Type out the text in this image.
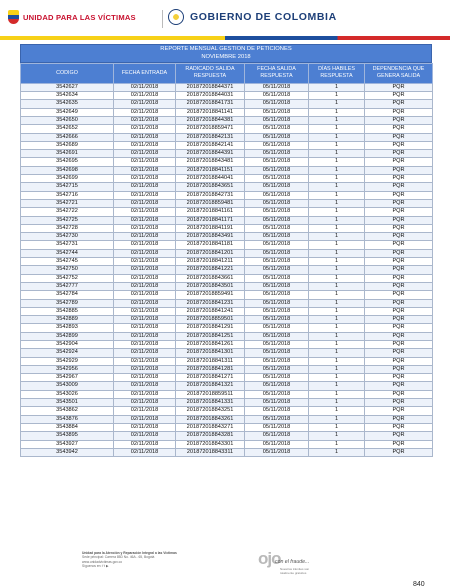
UNIDAD PARA LAS VÍCTIMAS	GOBIERNO DE COLOMBIA
REPORTE MENSUAL GESTION DE PETICIONES
NOVIEMBRE 2018
CODIGO	FECHA ENTRADA	RADICADO SALIDA RESPUESTA	FECHA SALIDA RESPUESTA	DÍAS HABILES RESPUESTA	DEPENDENCIA QUE GENERA SALIDA
3542627	02/11/2018	201872018844371	05/11/2018	1	PQR
3542634	02/11/2018	201872018844031	05/11/2018	1	PQR
3542635	02/11/2018	201872018841731	05/11/2018	1	PQR
3542649	02/11/2018	201872018841141	05/11/2018	1	PQR
3542650	02/11/2018	201872018844381	05/11/2018	1	PQR
3542652	02/11/2018	201872018859471	05/11/2018	1	PQR
3542666	02/11/2018	201872018842131	05/11/2018	1	PQR
3542689	02/11/2018	201872018842141	05/11/2018	1	PQR
3542691	02/11/2018	201872018844391	05/11/2018	1	PQR
3542695	02/11/2018	201872018843481	05/11/2018	1	PQR
3542698	02/11/2018	201872018841151	05/11/2018	1	PQR
3542699	02/11/2018	201872018844041	05/11/2018	1	PQR
3542715	02/11/2018	201872018843651	05/11/2018	1	PQR
3542716	02/11/2018	201872018842731	05/11/2018	1	PQR
3542721	02/11/2018	201872018859481	05/11/2018	1	PQR
3542722	02/11/2018	201872018841161	05/11/2018	1	PQR
3542725	02/11/2018	201872018841171	05/11/2018	1	PQR
3542728	02/11/2018	201872018841191	05/11/2018	1	PQR
3542730	02/11/2018	201872018843491	05/11/2018	1	PQR
3542731	02/11/2018	201872018841181	05/11/2018	1	PQR
3542744	02/11/2018	201872018841201	05/11/2018	1	PQR
3542745	02/11/2018	201872018841211	05/11/2018	1	PQR
3542750	02/11/2018	201872018841221	05/11/2018	1	PQR
3542752	02/11/2018	201872018843661	05/11/2018	1	PQR
3542777	02/11/2018	201872018843501	05/11/2018	1	PQR
3542784	02/11/2018	201872018859491	05/11/2018	1	PQR
3542789	02/11/2018	201872018841231	05/11/2018	1	PQR
3542885	02/11/2018	201872018841241	05/11/2018	1	PQR
3542889	02/11/2018	201872018859501	05/11/2018	1	PQR
3542893	02/11/2018	201872018841291	05/11/2018	1	PQR
3542899	02/11/2018	201872018841251	05/11/2018	1	PQR
3542904	02/11/2018	201872018841261	05/11/2018	1	PQR
3542924	02/11/2018	201872018841301	05/11/2018	1	PQR
3542929	02/11/2018	201872018841311	05/11/2018	1	PQR
3542956	02/11/2018	201872018841281	05/11/2018	1	PQR
3542967	02/11/2018	201872018841271	05/11/2018	1	PQR
3543009	02/11/2018	201872018841321	05/11/2018	1	PQR
3543026	02/11/2018	201872018859511	05/11/2018	1	PQR
3543501	02/11/2018	201872018841331	05/11/2018	1	PQR
3543862	02/11/2018	201872018843251	05/11/2018	1	PQR
3543876	02/11/2018	201872018843261	05/11/2018	1	PQR
3543884	02/11/2018	201872018843271	05/11/2018	1	PQR
3543895	02/11/2018	201872018843281	05/11/2018	1	PQR
3543927	02/11/2018	201872018843301	05/11/2018	1	PQR
3543942	02/11/2018	201872018843311	05/11/2018	1	PQR
Unidad para la Atención y Reparación Integral a las Víctimas
Sede principal: Carrera 85D No. 46A - 65, Bogotá
www.unidadvictimas.gov.co
Síguenos en: f t ▶	ojo
con el fraude...
Nuestros trámites son
totalmente gratuitos
840
